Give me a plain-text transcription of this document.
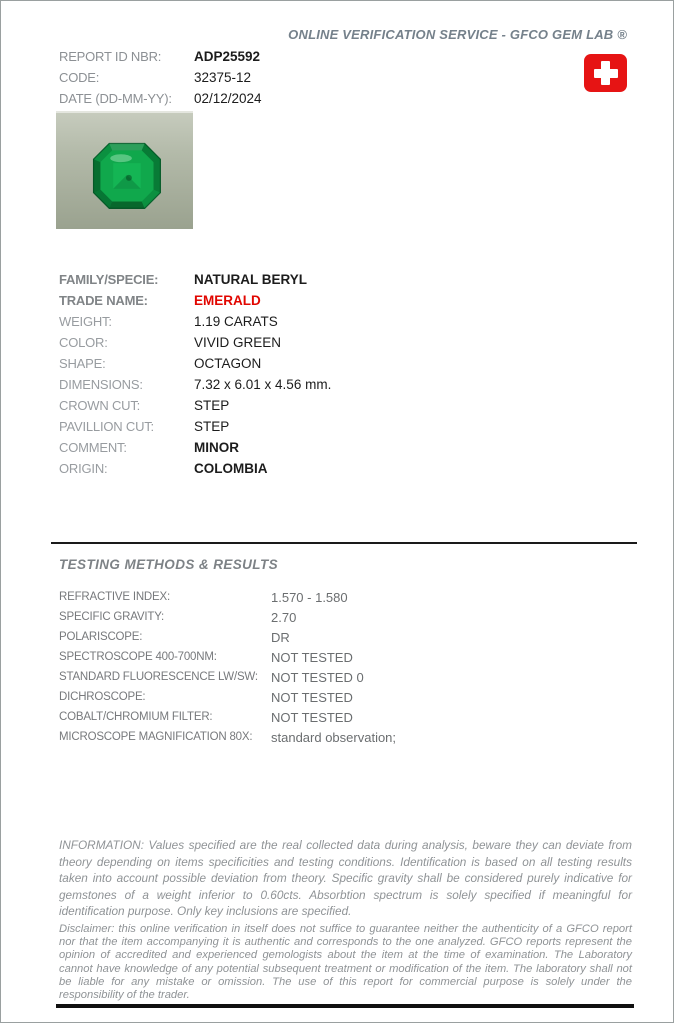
ONLINE VERIFICATION SERVICE - GFCO GEM LAB ®
REPORT ID NBR:	ADP25592
CODE:	32375-12
DATE (DD-MM-YY):	02/12/2024
FAMILY/SPECIE:	NATURAL BERYL
TRADE NAME:	EMERALD
WEIGHT:	1.19 CARATS
COLOR:	VIVID GREEN
SHAPE:	OCTAGON
DIMENSIONS:	7.32 x 6.01 x 4.56 mm.
CROWN CUT:	STEP
PAVILLION CUT:	STEP
COMMENT:	MINOR
ORIGIN:	COLOMBIA
TESTING METHODS & RESULTS
REFRACTIVE INDEX:	1.570 - 1.580
SPECIFIC GRAVITY:	2.70
POLARISCOPE:	DR
SPECTROSCOPE 400-700NM:	NOT TESTED
STANDARD FLUORESCENCE LW/SW:	NOT TESTED 0
DICHROSCOPE:	NOT TESTED
COBALT/CHROMIUM FILTER:	NOT TESTED
MICROSCOPE MAGNIFICATION 80X:	standard observation;

INFORMATION: Values specified are the real collected data during analysis, beware they can deviate from theory depending on items specificities and testing conditions. Identification is based on all testing results taken into account possible deviation from theory. Specific gravity shall be considered purely indicative for gemstones of a weight inferior to 0.60cts. Absorbtion spectrum is solely specified if meaningful for identification purpose. Only key inclusions are specified.

Disclaimer: this online verification in itself does not suffice to guarantee neither the authenticity of a GFCO report nor that the item accompanying it is authentic and corresponds to the one analyzed. GFCO reports represent the opinion of accredited and experienced gemologists about the item at the time of examination. The Laboratory cannot have knowledge of any potential subsequent treatment or modification of the item. The laboratory shall not be liable for any mistake or omission. The use of this report for commercial purpose is solely under the responsibility of the trader.
